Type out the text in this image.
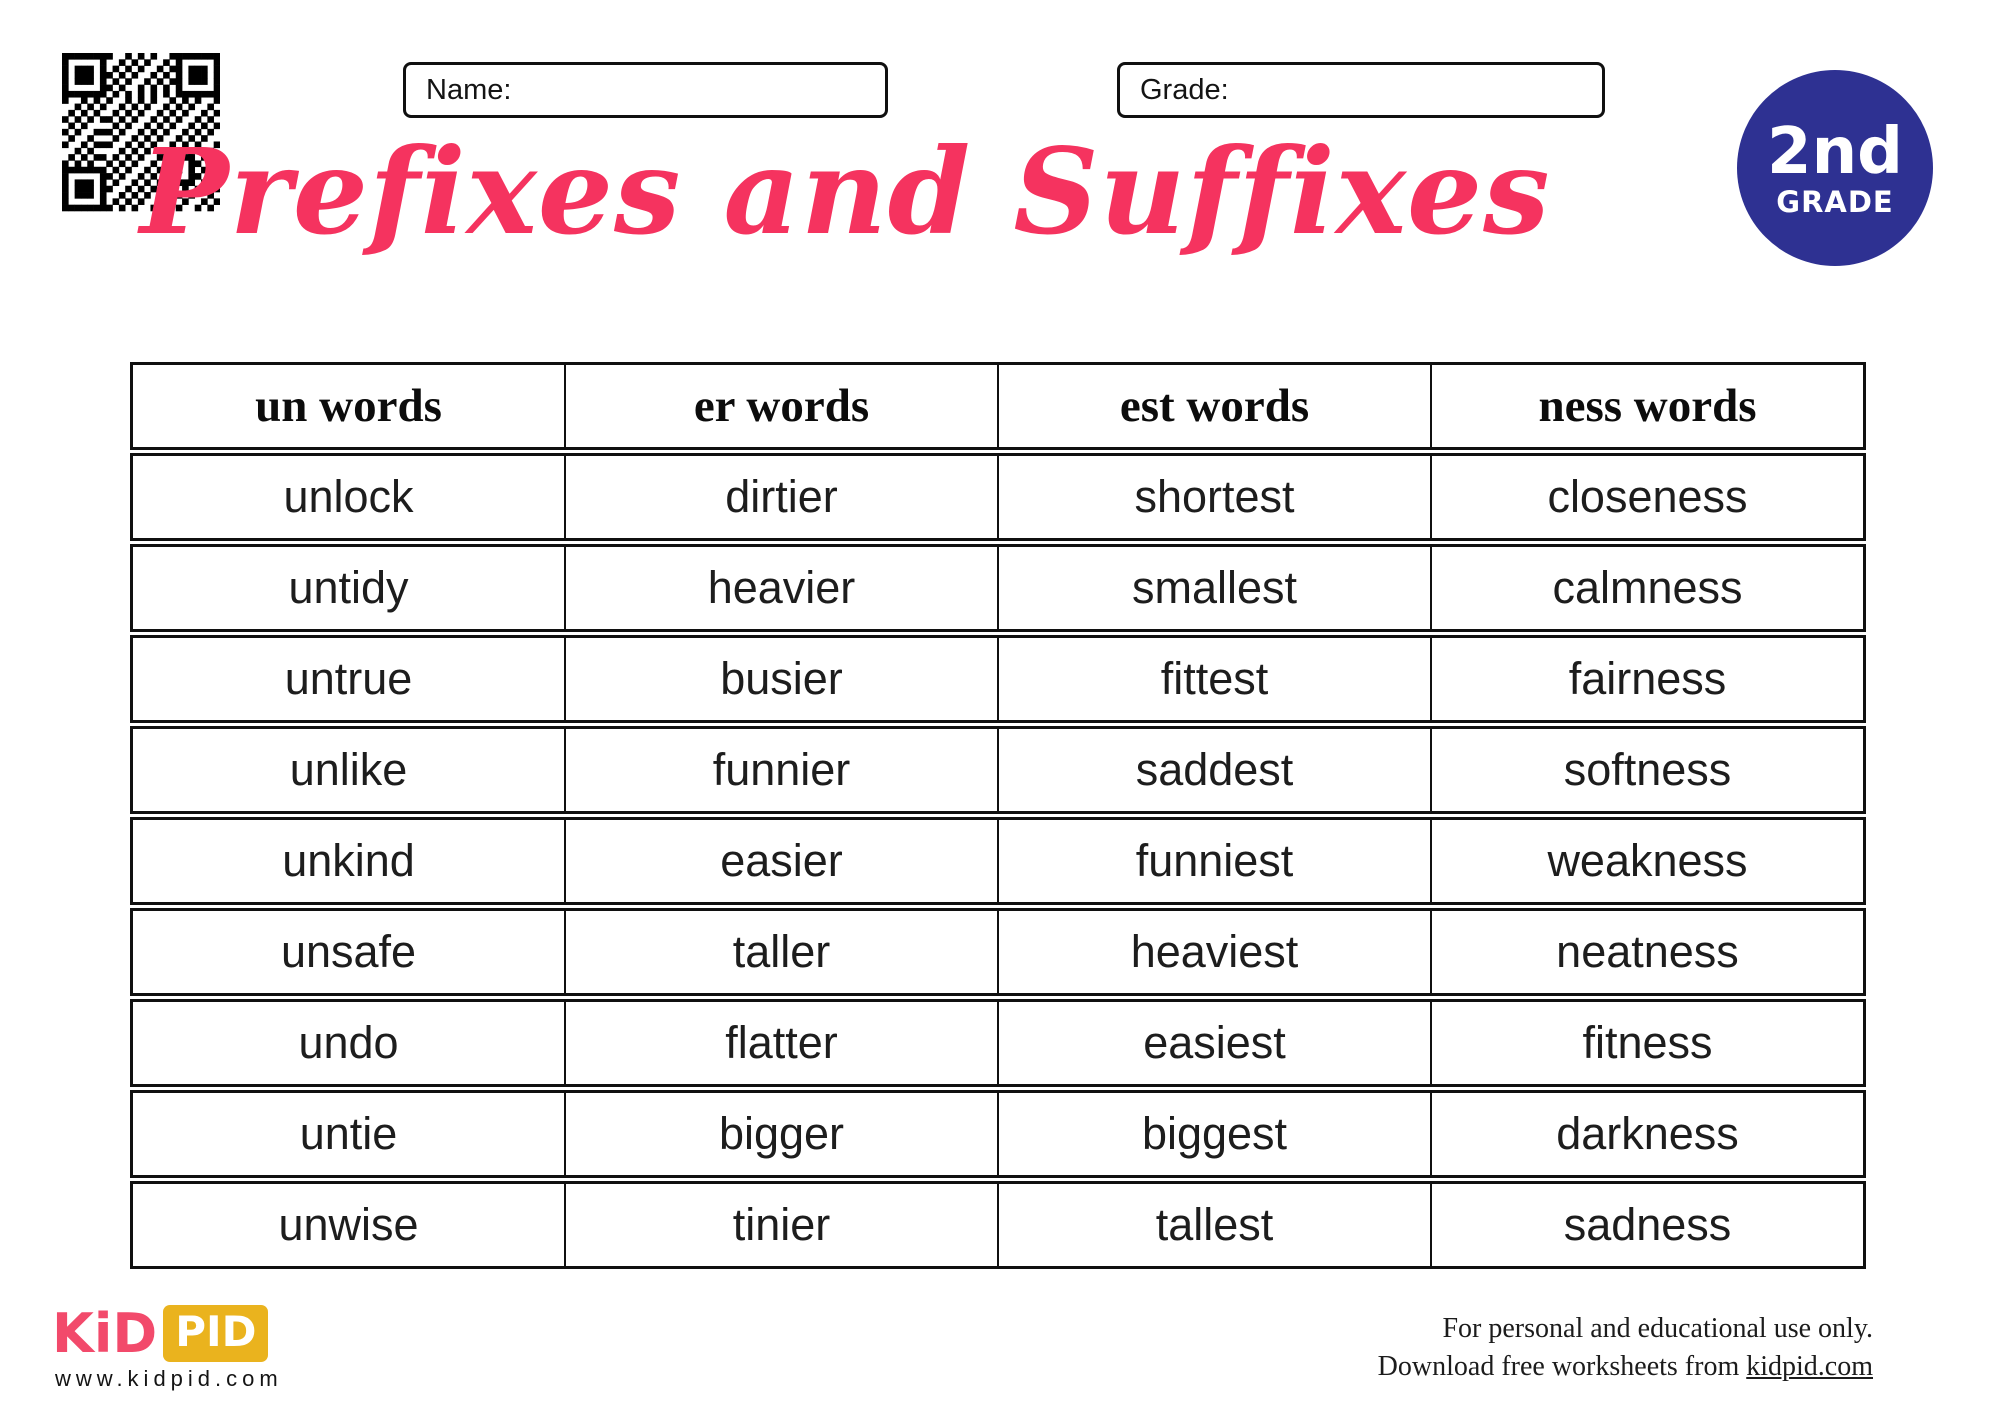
Name:	Grade:
Prefixes and Suffixes	2nd
GRADE
un words	er words	est words	ness words
unlock	dirtier	shortest	closeness
untidy	heavier	smallest	calmness
untrue	busier	fittest	fairness
unlike	funnier	saddest	softness
unkind	easier	funniest	weakness
unsafe	taller	heaviest	neatness
undo	flatter	easiest	fitness
untie	bigger	biggest	darkness
unwise	tinier	tallest	sadness
KiD PID
www.kidpid.com
For personal and educational use only.
Download free worksheets from kidpid.com
